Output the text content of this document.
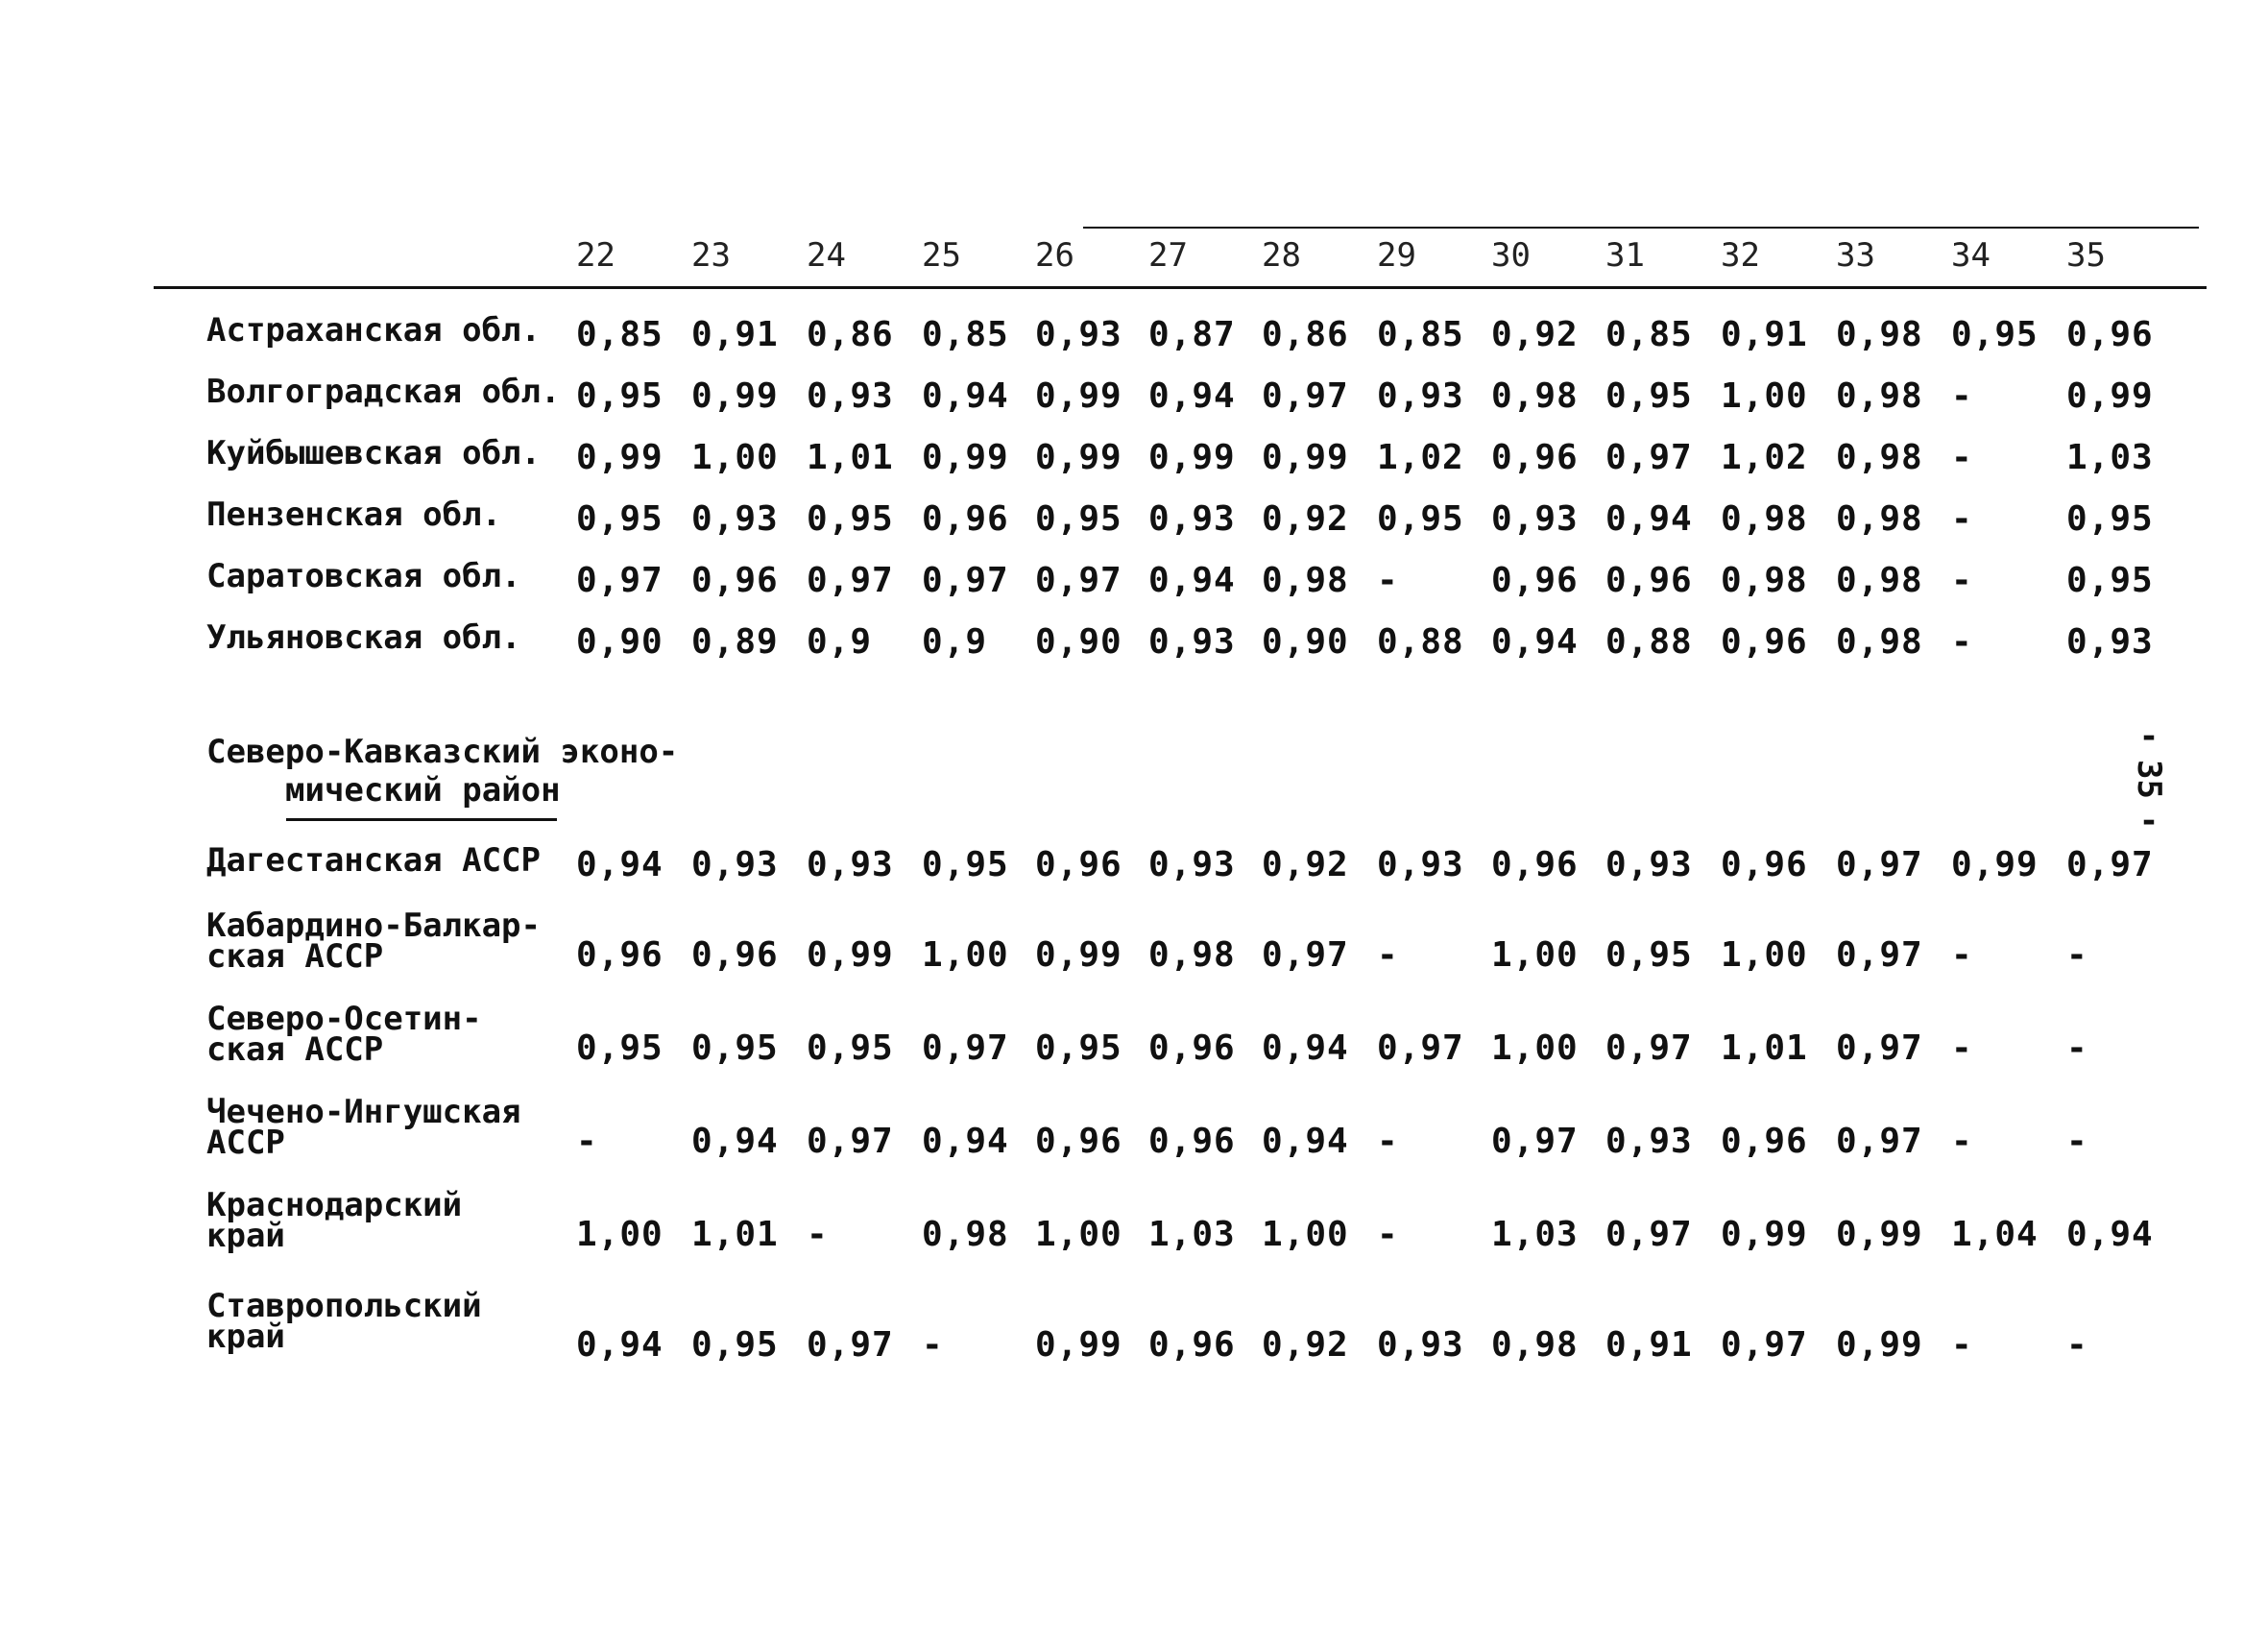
22	23	24	25	26	27	28	29	30	31	32	33	34	35
Астраханская обл. 0,85 0,91 0,86 0,85 0,93 0,87 0,86 0,85 0,92 0,85 0,91 0,98 0,95 0,96
Волгоградская обл. 0,95 0,99 0,93 0,94 0,99 0,94 0,97 0,93 0,98 0,95 1,00 0,98 -	0,99
Куйбышевская обл. 0,99 1,00 1,01 0,99 0,99 0,99 0,99 1,02 0,96 0,97 1,02 0,98 -	1,03
Пензенская обл. 0,95 0,93 0,95 0,96 0,95 0,93 0,92 0,95 0,93 0,94 0,98 0,98 -	0,95
Саратовская обл. 0,97 0,96 0,97 0,97 0,97 0,94 0,98 -	0,96 0,96 0,98 0,98 -	0,95
Ульяновская обл. 0,90 0,89 0,9	0,9	0,90 0,93 0,90 0,88 0,94 0,88 0,96 0,98 -	0,93
Северо-Кавказский эконо-
мический район
-
35
-
Дагестанская АССР 0,94 0,93 0,93 0,95 0,96 0,93 0,92 0,93 0,96 0,93 0,96 0,97 0,99 0,97
Кабардино-Балкар-
ская АССР	0,96 0,96 0,99 1,00 0,99 0,98 0,97 -	1,00 0,95 1,00 0,97 -	-
Северо-Осетин-
ская АССР	0,95 0,95 0,95 0,97 0,95 0,96 0,94 0,97 1,00 0,97 1,01 0,97 -	-
Чечено-Ингушская
АССР	-	0,94 0,97 0,94 0,96 0,96 0,94 -	0,97 0,93 0,96 0,97 -	-
Краснодарский
край	1,00 1,01 -	0,98 1,00 1,03 1,00 -	1,03 0,97 0,99 0,99 1,04 0,94
Ставропольский
край	0,94 0,95 0,97 -	0,99 0,96 0,92 0,93 0,98 0,91 0,97 0,99 -	-
